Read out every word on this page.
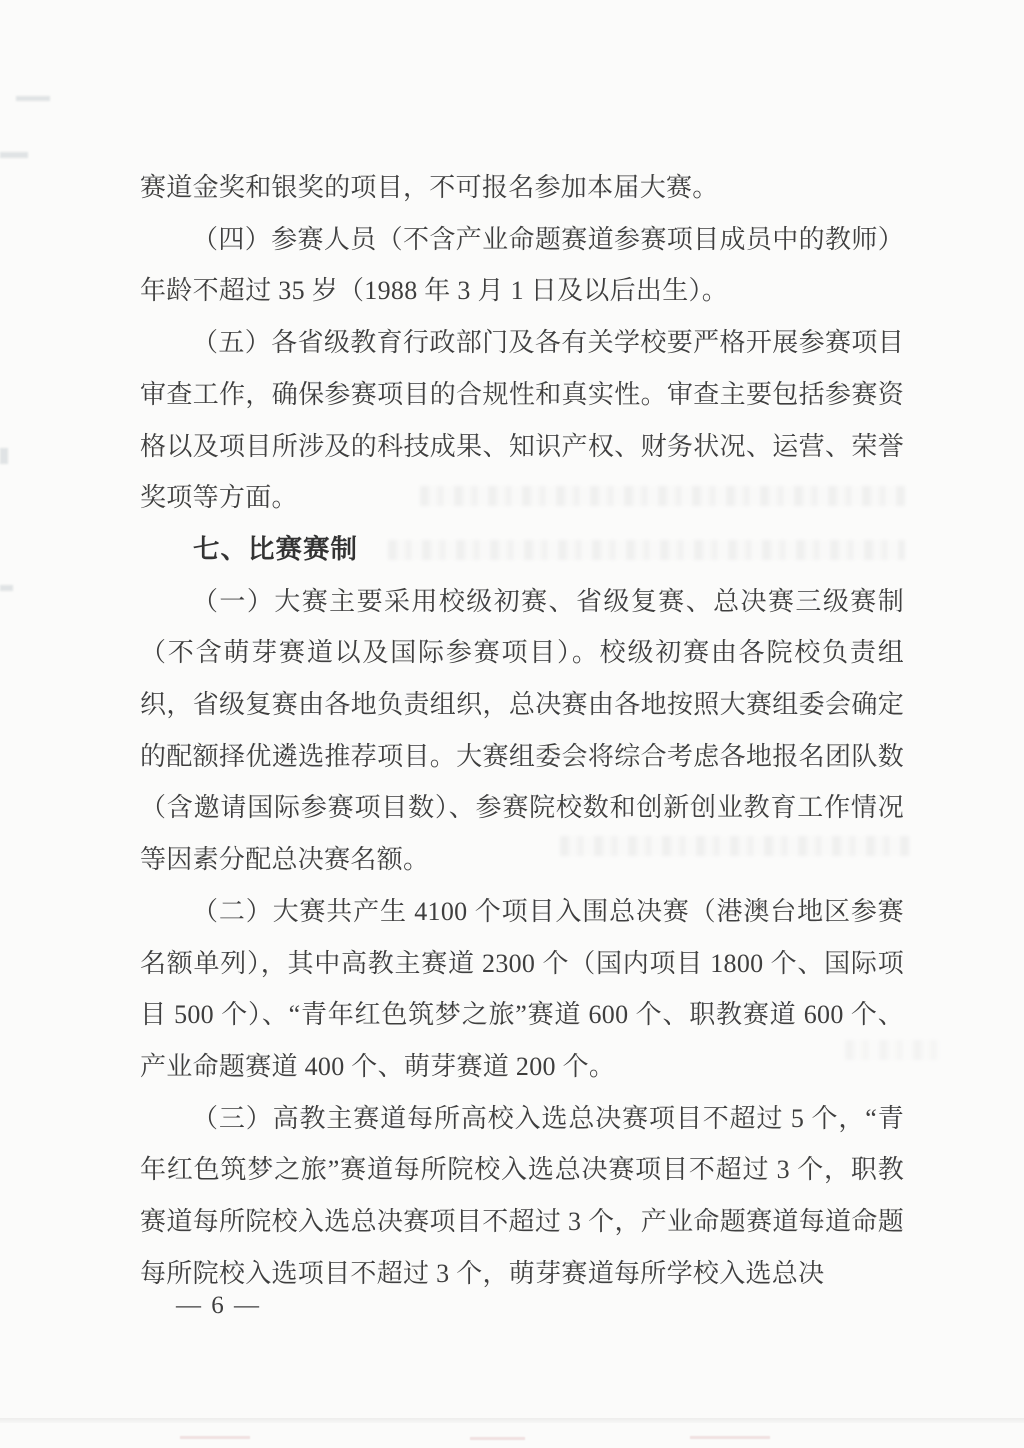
赛道金奖和银奖的项目，不可报名参加本届大赛。

（四）参赛人员（不含产业命题赛道参赛项目成员中的教师）年龄不超过 35 岁（1988 年 3 月 1 日及以后出生）。

（五）各省级教育行政部门及各有关学校要严格开展参赛项目审查工作，确保参赛项目的合规性和真实性。审查主要包括参赛资格以及项目所涉及的科技成果、知识产权、财务状况、运营、荣誉奖项等方面。

七、比赛赛制

（一）大赛主要采用校级初赛、省级复赛、总决赛三级赛制（不含萌芽赛道以及国际参赛项目）。校级初赛由各院校负责组织，省级复赛由各地负责组织，总决赛由各地按照大赛组委会确定的配额择优遴选推荐项目。大赛组委会将综合考虑各地报名团队数（含邀请国际参赛项目数）、参赛院校数和创新创业教育工作情况等因素分配总决赛名额。

（二）大赛共产生 4100 个项目入围总决赛（港澳台地区参赛名额单列），其中高教主赛道 2300 个（国内项目 1800 个、国际项目 500 个）、“青年红色筑梦之旅”赛道 600 个、职教赛道 600 个、产业命题赛道 400 个、萌芽赛道 200 个。

（三）高教主赛道每所高校入选总决赛项目不超过 5 个，“青年红色筑梦之旅”赛道每所院校入选总决赛项目不超过 3 个，职教赛道每所院校入选总决赛项目不超过 3 个，产业命题赛道每道命题每所院校入选项目不超过 3 个，萌芽赛道每所学校入选总决

— 6 —
